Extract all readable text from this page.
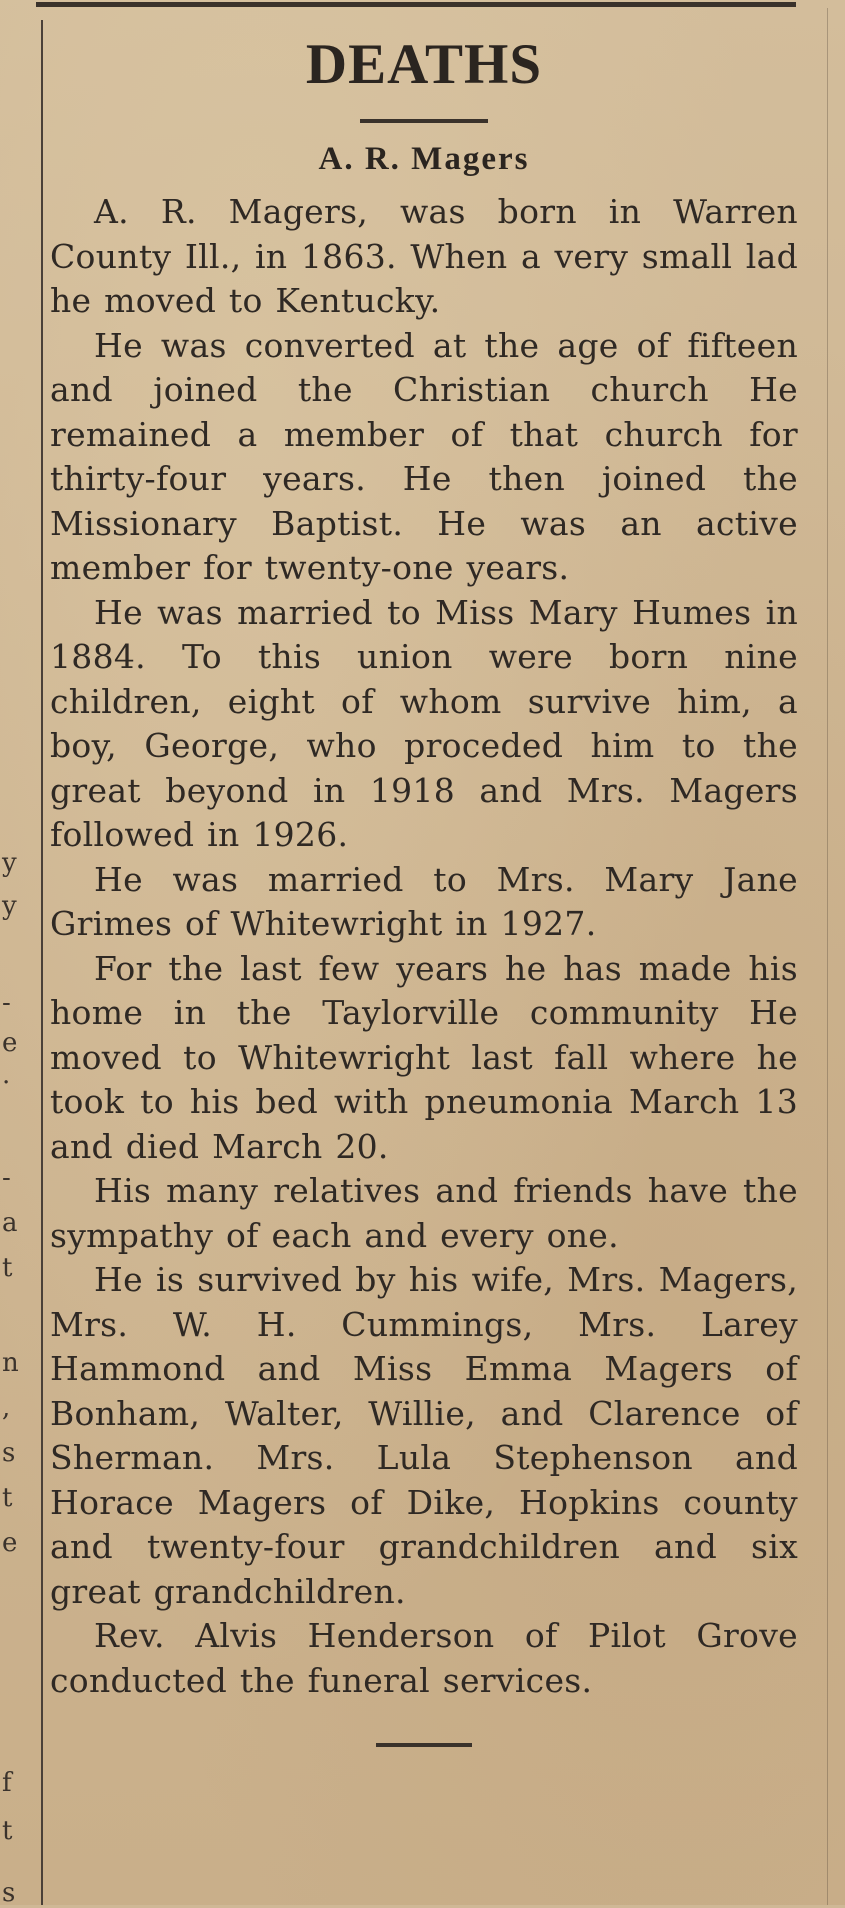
y
y
-
e
.
-
a
t
n
,
s
t
e
f
t
s
DEATHS
A. R. Magers

A. R. Magers, was born in Warren County Ill., in 1863. When a very small lad he moved to Kentucky.

He was converted at the age of fifteen and joined the Christian church He remained a member of that church for thirty-four years. He then joined the Missionary Baptist. He was an active member for twenty-one years.

He was married to Miss Mary Humes in 1884. To this union were born nine children, eight of whom survive him, a boy, George, who proceded him to the great beyond in 1918 and Mrs. Magers followed in 1926.

He was married to Mrs. Mary Jane Grimes of Whitewright in 1927.

For the last few years he has made his home in the Taylorville community He moved to Whitewright last fall where he took to his bed with pneumonia March 13 and died March 20.

His many relatives and friends have the sympathy of each and every one.

He is survived by his wife, Mrs. Magers, Mrs. W. H. Cummings, Mrs. Larey Hammond and Miss Emma Magers of Bonham, Walter, Willie, and Clarence of Sherman. Mrs. Lula Stephenson and Horace Magers of Dike, Hopkins county and twenty-four grandchildren and six great grandchildren.

Rev. Alvis Henderson of Pilot Grove conducted the funeral services.
